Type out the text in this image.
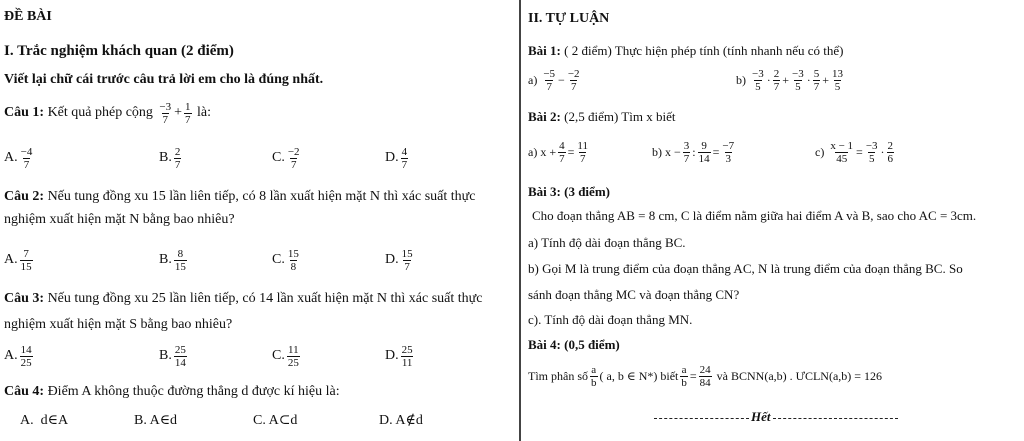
ĐỀ BÀI
I. Trắc nghiệm khách quan (2 điểm)
Viết lại chữ cái trước câu trả lời em cho là đúng nhất.
Câu 1:
Kết quả phép cộng
$\frac{-3}{7} + \frac{1}{7}$
là:
A. $\frac{-4}{7}$	B. $\frac{2}{7}$	C. $\frac{-2}{7}$	D. $\frac{4}{7}$
Câu 2: Nếu tung đồng xu 15 lần liên tiếp, có 8 lần xuất hiện mặt N thì xác suất thực
nghiệm xuất hiện mặt N bằng bao nhiêu?
A. $\frac{7}{15}$	B. $\frac{8}{15}$	C. $\frac{15}{8}$	D. $\frac{15}{7}$
Câu 3: Nếu tung đồng xu 25 lần liên tiếp, có 14 lần xuất hiện mặt N thì xác suất thực
nghiệm xuất hiện mặt S bằng bao nhiêu?
A. $\frac{14}{25}$	B. $\frac{25}{14}$	C. $\frac{11}{25}$	D. $\frac{25}{11}$
Câu 4: Điểm A không thuộc đường thẳng d được kí hiệu là:
A. d∈A	B. A∈d	C. A⊂d	D. A∉d
II. TỰ LUẬN
Bài 1: ( 2 điểm) Thực hiện phép tính (tính nhanh nếu có thể)
a)
$\frac{-5}{7} - \frac{-2}{7}$	b)
$\frac{-3}{5} \cdot \frac{2}{7} + \frac{-3}{5} \cdot \frac{5}{7} + \frac{13}{5}$
Bài 2: (2,5 điểm) Tìm x biết
a)
$x + \frac{4}{7} = \frac{11}{7}$	b)
$x - \frac{3}{7}$ : $\frac{9}{14} = \frac{-7}{3}$	c)
$\frac{x - 1}{45} = \frac{-3}{5} \cdot \frac{2}{6}$
Bài 3: (3 điểm)
Cho đoạn thẳng AB = 8 cm, C là điểm nằm giữa hai điểm A và B, sao cho AC = 3cm.
a) Tính độ dài đoạn thẳng BC.
b) Gọi M là trung điểm của đoạn thẳng AC, N là trung điểm của đoạn thẳng BC. So
sánh đoạn thẳng MC và đoạn thẳng CN?
c). Tính độ dài đoạn thẳng MN.
Bài 4: (0,5 điểm)
Tìm phân số $\frac{a}{b}$ ( a, b ∈ N*) biết $\frac{a}{b} = \frac{24}{84}$
và BCNN(a,b) . ƯCLN(a,b) = 126
Hết
